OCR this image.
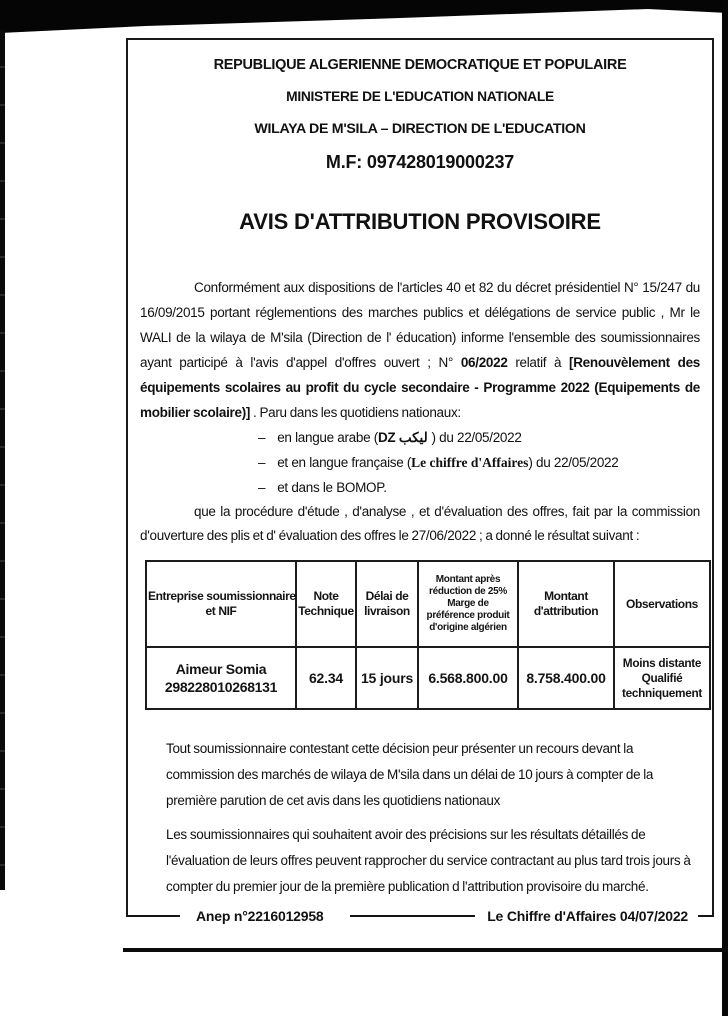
REPUBLIQUE ALGERIENNE DEMOCRATIQUE ET POPULAIRE

MINISTERE DE L'EDUCATION NATIONALE

WILAYA DE M'SILA – DIRECTION DE L'EDUCATION

M.F: 097428019000237

AVIS D'ATTRIBUTION PROVISOIRE

Conformément aux dispositions de l'articles 40 et 82 du décret présidentiel N° 15/247 du 16/09/2015 portant réglementions des marches publics et délégations de service public , Mr le WALI de la wilaya de M'sila (Direction de l' éducation) informe l'ensemble des soumissionnaires ayant participé à l'avis d'appel d'offres ouvert ; N° 06/2022 relatif à [Renouvèlement des équipements scolaires au profit du cycle secondaire - Programme 2022 (Equipements de mobilier scolaire)] . Paru dans les quotidiens nationaux:

– en langue arabe (DZ ليكب ) du 22/05/2022
– et en langue française (Le chiffre d'Affaires) du 22/05/2022
– et dans le BOMOP.

que la procédure d'étude , d'analyse , et d'évaluation des offres, fait par la commission d'ouverture des plis et d' évaluation des offres le 27/06/2022 ; a donné le résultat suivant :

Entreprise soumissionnaire
et NIF	Note
Technique	Délai de
livraison	Montant après
réduction de 25%
Marge de
préférence produit
d'origine algérien	Montant
d'attribution	Observations

Aimeur Somia
298228010268131	62.34	15 jours	6.568.800.00	8.758.400.00	Moins distante
Qualifié
techniquement

Tout soumissionnaire contestant cette décision peur présenter un recours devant la commission des marchés de wilaya de M'sila dans un délai de 10 jours à compter de la première parution de cet avis dans les quotidiens nationaux

Les soumissionnaires qui souhaitent avoir des précisions sur les résultats détaillés de l'évaluation de leurs offres peuvent rapprocher du service contractant au plus tard trois jours à compter du premier jour de la première publication d l'attribution provisoire du marché.

Anep n°2216012958	Le Chiffre d'Affaires 04/07/2022
